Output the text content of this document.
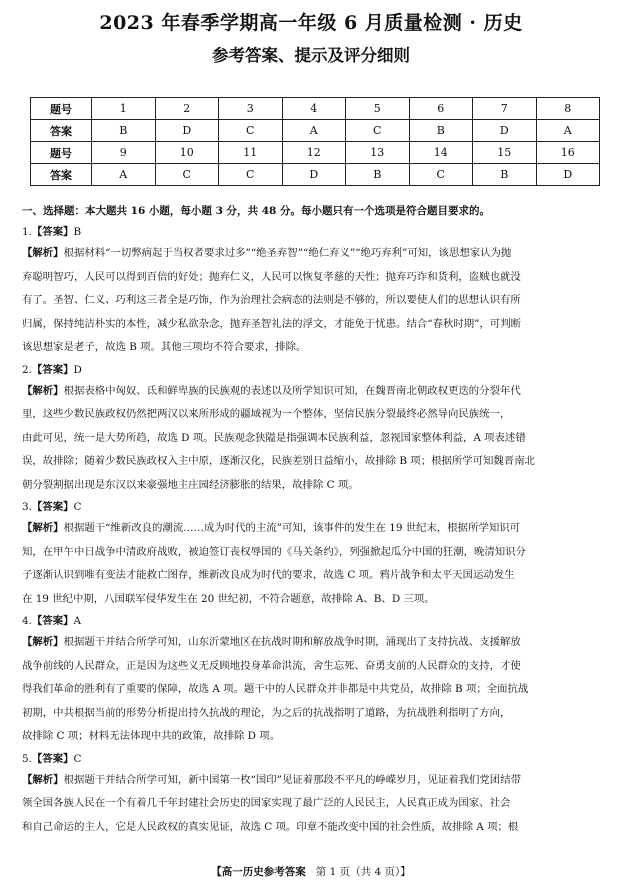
2023 年春季学期高一年级 6 月质量检测 · 历史
参考答案、提示及评分细则
题号	1	2	3	4	5	6	7	8
答案	B	D	C	A	C	B	D	A
题号	9	10	11	12	13	14	15	16
答案	A	C	C	D	B	C	B	D
一、选择题：本大题共 16 小题，每小题 3 分，共 48 分。每小题只有一个选项是符合题目要求的。
1.【答案】B
【解析】根据材料“一切弊病起于当权者要求过多”“绝圣弃智”“绝仁弃义”“绝巧弃利”可知，该思想家认为抛
弃聪明智巧，人民可以得到百倍的好处；抛弃仁义，人民可以恢复孝慈的天性；抛弃巧诈和货利，盗贼也就没
有了。圣智、仁义、巧利这三者全是巧饰，作为治理社会病态的法则是不够的，所以要使人们的思想认识有所
归属，保持纯洁朴实的本性，减少私欲杂念，抛弃圣智礼法的浮文，才能免于忧患。结合“春秋时期”，可判断
该思想家是老子，故选 B 项。其他三项均不符合要求，排除。
2.【答案】D
【解析】根据表格中匈奴、氐和鲜卑族的民族观的表述以及所学知识可知，在魏晋南北朝政权更迭的分裂年代
里，这些少数民族政权仍然把两汉以来所形成的疆域视为一个整体，坚信民族分裂最终必然导向民族统一，
由此可见，统一是大势所趋，故选 D 项。民族观念狭隘是指强调本民族利益，忽视国家整体利益，A 项表述错
误，故排除；随着少数民族政权入主中原，逐渐汉化，民族差别日益缩小，故排除 B 项；根据所学可知魏晋南北
朝分裂割据出现是东汉以来豪强地主庄园经济膨胀的结果，故排除 C 项。
3.【答案】C
【解析】根据题干“维新改良的潮流……成为时代的主流”可知，该事件的发生在 19 世纪末，根据所学知识可
知，在甲午中日战争中清政府战败，被迫签订丧权辱国的《马关条约》，列强掀起瓜分中国的狂潮，晚清知识分
子逐渐认识到唯有变法才能救亡图存，维新改良成为时代的要求，故选 C 项。鸦片战争和太平天国运动发生
在 19 世纪中期，八国联军侵华发生在 20 世纪初，不符合题意，故排除 A、B、D 三项。
4.【答案】A
【解析】根据题干并结合所学可知，山东沂蒙地区在抗战时期和解放战争时期，涌现出了支持抗战、支援解放
战争前线的人民群众，正是因为这些义无反顾地投身革命洪流，舍生忘死、奋勇支前的人民群众的支持，才使
得我们革命的胜利有了重要的保障，故选 A 项。题干中的人民群众并非都是中共党员，故排除 B 项；全面抗战
初期，中共根据当前的形势分析提出持久抗战的理论，为之后的抗战指明了道路，为抗战胜利指明了方向，
故排除 C 项；材料无法体现中共的政策，故排除 D 项。
5.【答案】C
【解析】根据题干并结合所学可知，新中国第一枚“国印”见证着那段不平凡的峥嵘岁月，见证着我们党团结带
领全国各族人民在一个有着几千年封建社会历史的国家实现了最广泛的人民民主，人民真正成为国家、社会
和自己命运的主人，它是人民政权的真实见证，故选 C 项。印章不能改变中国的社会性质，故排除 A 项；根
【高一历史参考答案 第 1 页（共 4 页）】
